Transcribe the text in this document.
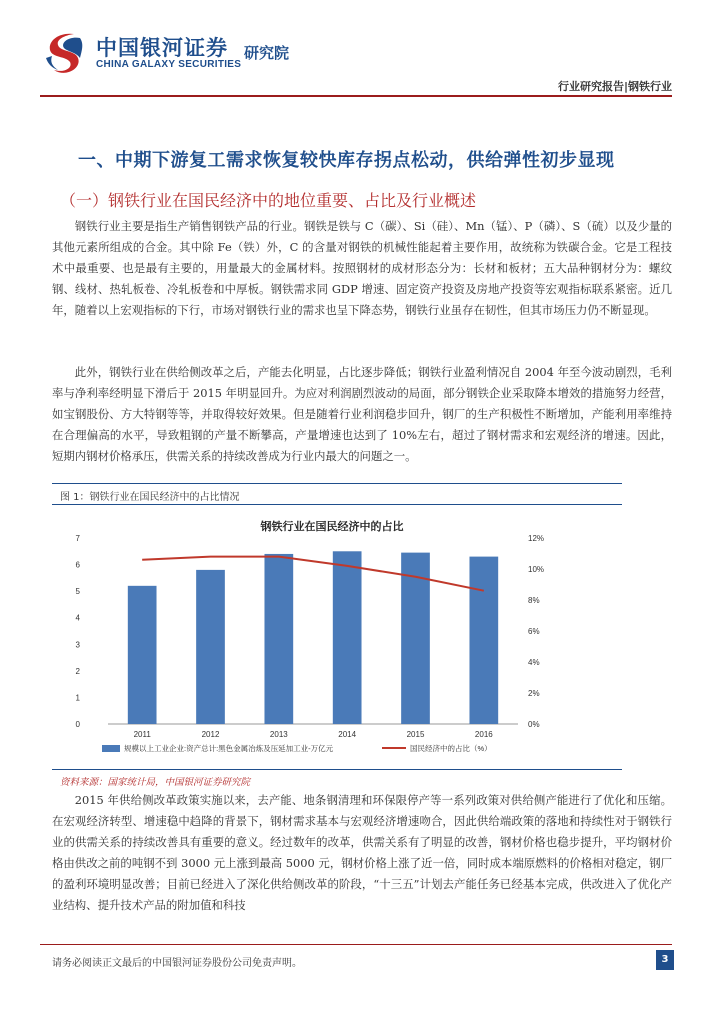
中国银河证券
CHINA GALAXY SECURITIES
研究院
行业研究报告|钢铁行业
一、中期下游复工需求恢复较快库存拐点松动，供给弹性初步显现
（一）钢铁行业在国民经济中的地位重要、占比及行业概述

钢铁行业主要是指生产销售钢铁产品的行业。钢铁是铁与 C（碳）、Si（硅）、Mn（锰）、P（磷）、S（硫）以及少量的其他元素所组成的合金。其中除 Fe（铁）外，C 的含量对钢铁的机械性能起着主要作用，故统称为铁碳合金。它是工程技术中最重要、也是最有主要的，用量最大的金属材料。按照钢材的成材形态分为：长材和板材；五大品种钢材分为：螺纹钢、线材、热轧板卷、冷轧板卷和中厚板。钢铁需求同 GDP 增速、固定资产投资及房地产投资等宏观指标联系紧密。近几年，随着以上宏观指标的下行，市场对钢铁行业的需求也呈下降态势，钢铁行业虽存在韧性，但其市场压力仍不断显现。

此外，钢铁行业在供给侧改革之后，产能去化明显，占比逐步降低；钢铁行业盈利情况自 2004 年至今波动剧烈，毛利率与净利率经明显下滑后于 2015 年明显回升。为应对利润剧烈波动的局面，部分钢铁企业采取降本增效的措施努力经营，如宝钢股份、方大特钢等等，并取得较好效果。但是随着行业利润稳步回升，钢厂的生产积极性不断增加，产能利用率维持在合理偏高的水平，导致粗钢的产量不断攀高，产量增速也达到了 10%左右，超过了钢材需求和宏观经济的增速。因此，短期内钢材价格承压，供需关系的持续改善成为行业内最大的问题之一。

图 1：钢铁行业在国民经济中的占比情况
钢铁行业在国民经济中的占比
0
1
2
3
4
5
6
7
0%
2%
4%
6%
8%
10%
12%
2011	2012	2013	2014	2015	2016
规模以上工业企业:资产总计:黑色金属冶炼及压延加工业-万亿元	国民经济中的占比（%）
资料来源：国家统计局，中国银河证券研究院

2015 年供给侧改革政策实施以来，去产能、地条钢清理和环保限停产等一系列政策对供给侧产能进行了优化和压缩。在宏观经济转型、增速稳中趋降的背景下，钢材需求基本与宏观经济增速吻合，因此供给端政策的落地和持续性对于钢铁行业的供需关系的持续改善具有重要的意义。经过数年的改革，供需关系有了明显的改善，钢材价格也稳步提升，平均钢材价格由供改之前的吨钢不到 3000 元上涨到最高 5000 元，钢材价格上涨了近一倍，同时成本端原燃料的价格相对稳定，钢厂的盈利环境明显改善；目前已经进入了深化供给侧改革的阶段，“十三五”计划去产能任务已经基本完成，供改进入了优化产业结构、提升技术产品的附加值和科技

请务必阅读正文最后的中国银河证券股份公司免责声明。	3
